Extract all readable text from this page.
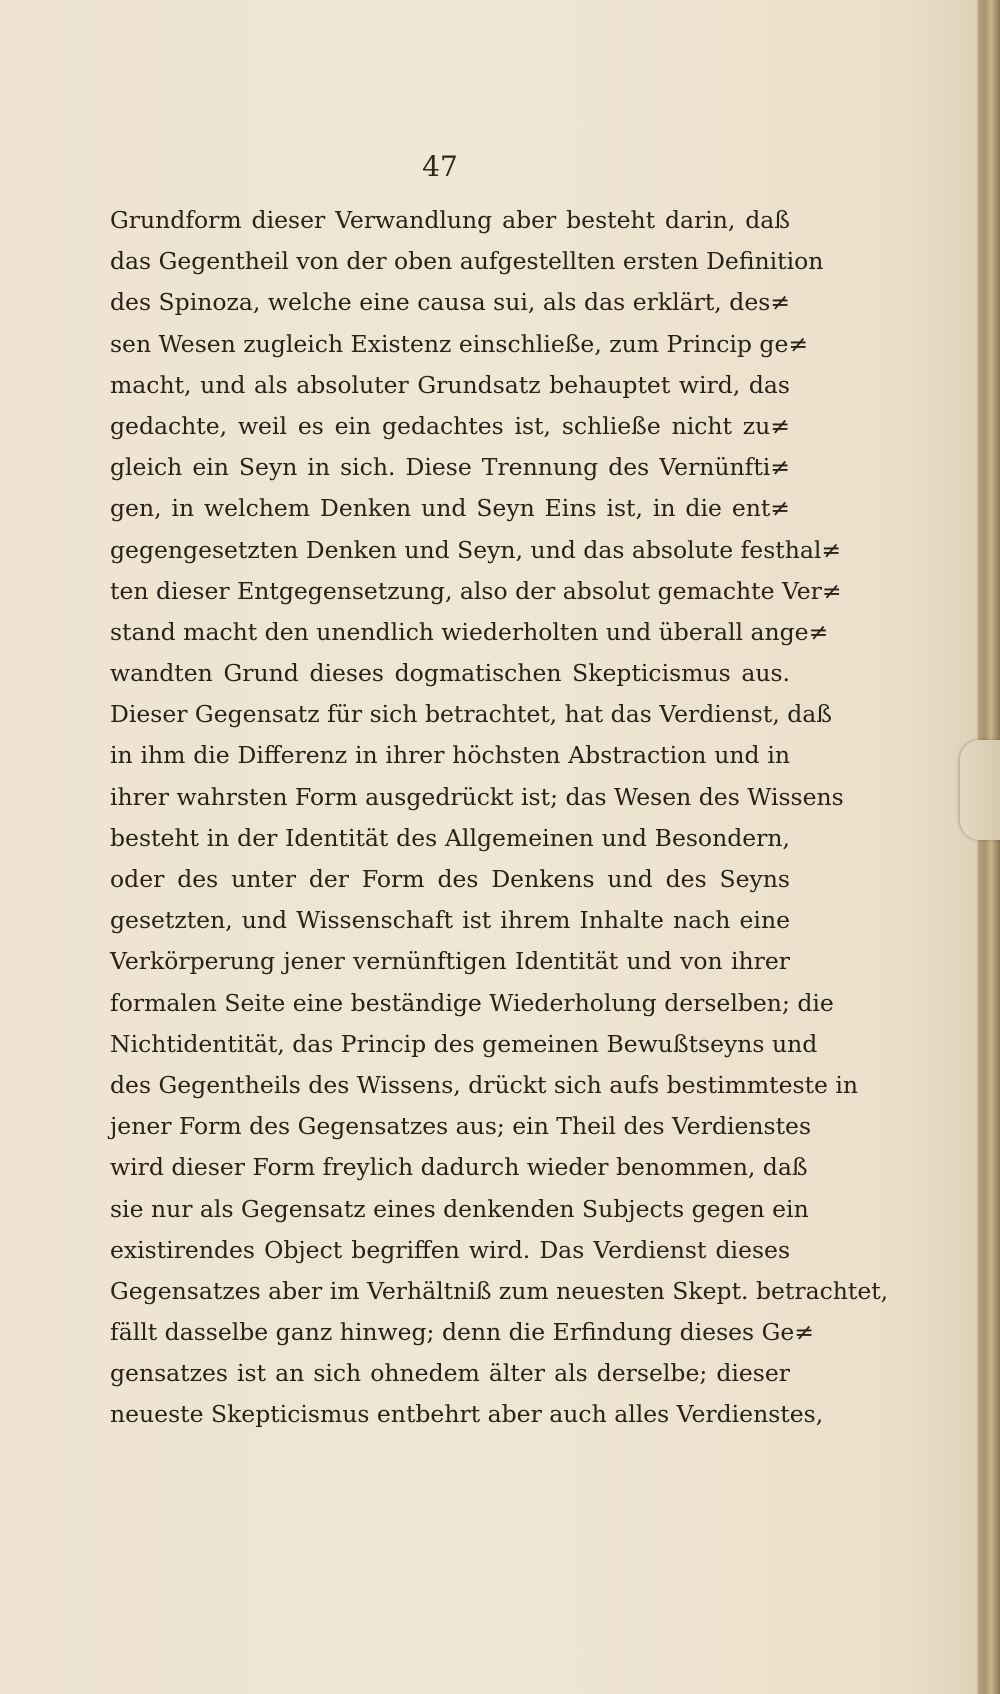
47
Grundform dieser Verwandlung aber besteht darin, daß
das Gegentheil von der oben aufgestellten ersten Definition
des Spinoza, welche eine causa sui, als das erklärt, des≠
sen Wesen zugleich Existenz einschließe, zum Princip ge≠
macht, und als absoluter Grundsatz behauptet wird, das
gedachte, weil es ein gedachtes ist, schließe nicht zu≠
gleich ein Seyn in sich. Diese Trennung des Vernünfti≠
gen, in welchem Denken und Seyn Eins ist, in die ent≠
gegengesetzten Denken und Seyn, und das absolute festhal≠
ten dieser Entgegensetzung, also der absolut gemachte Ver≠
stand macht den unendlich wiederholten und überall ange≠
wandten Grund dieses dogmatischen Skepticismus aus.
Dieser Gegensatz für sich betrachtet, hat das Verdienst, daß
in ihm die Differenz in ihrer höchsten Abstraction und in
ihrer wahrsten Form ausgedrückt ist; das Wesen des Wissens
besteht in der Identität des Allgemeinen und Besondern,
oder des unter der Form des Denkens und des Seyns
gesetzten, und Wissenschaft ist ihrem Inhalte nach eine
Verkörperung jener vernünftigen Identität und von ihrer
formalen Seite eine beständige Wiederholung derselben; die
Nichtidentität, das Princip des gemeinen Bewußtseyns und
des Gegentheils des Wissens, drückt sich aufs bestimmteste in
jener Form des Gegensatzes aus; ein Theil des Verdienstes
wird dieser Form freylich dadurch wieder benommen, daß
sie nur als Gegensatz eines denkenden Subjects gegen ein
existirendes Object begriffen wird. Das Verdienst dieses
Gegensatzes aber im Verhältniß zum neuesten Skept. betrachtet,
fällt dasselbe ganz hinweg; denn die Erfindung dieses Ge≠
gensatzes ist an sich ohnedem älter als derselbe; dieser
neueste Skepticismus entbehrt aber auch alles Verdienstes,
